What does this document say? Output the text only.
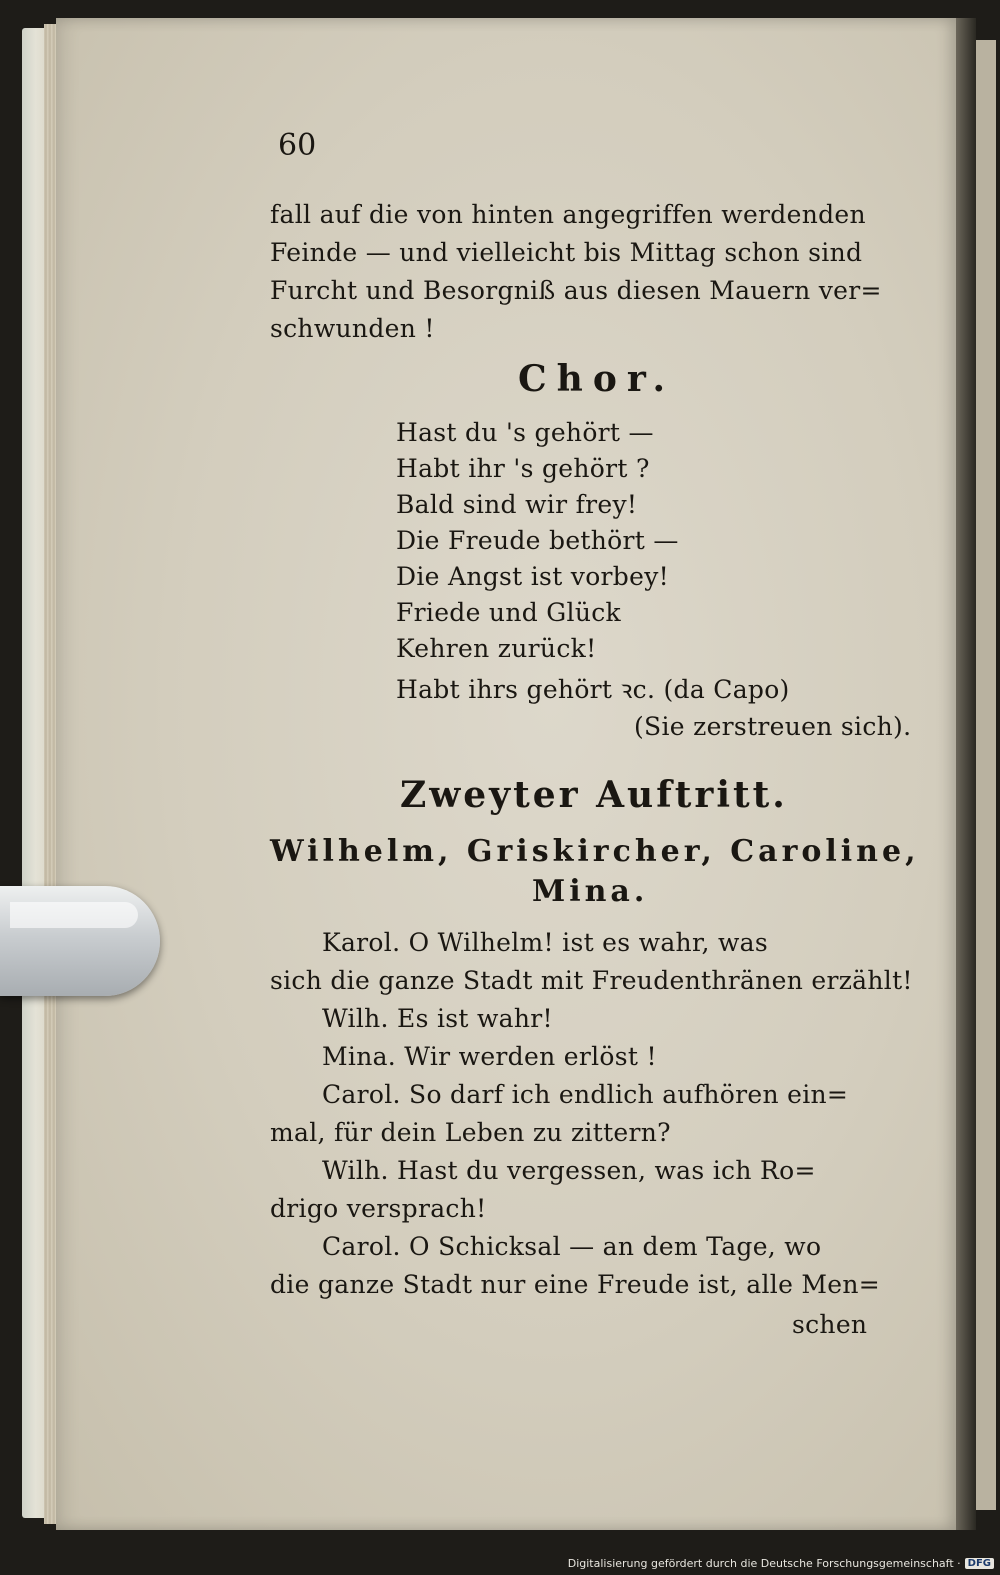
60
fall auf die von hinten angegriffen werdenden
Feinde — und vielleicht bis Mittag schon sind
Furcht und Besorgniß aus diesen Mauern ver=
schwunden !
Chor.
Hast du 's gehört —
Habt ihr 's gehört ?
Bald sind wir frey!
Die Freude bethört —
Die Angst ist vorbey!
Friede und Glück
Kehren zurück!
Habt ihrs gehört ꝛc. (da Capo)
(Sie zerstreuen sich).
Zweyter Auftritt.
Wilhelm, Griskircher, Caroline,
Mina.
Karol. O Wilhelm! ist es wahr, was
sich die ganze Stadt mit Freudenthränen erzählt!
Wilh. Es ist wahr!
Mina. Wir werden erlöst !
Carol. So darf ich endlich aufhören ein=
mal, für dein Leben zu zittern?
Wilh. Hast du vergessen, was ich Ro=
drigo versprach!
Carol. O Schicksal — an dem Tage, wo
die ganze Stadt nur eine Freude ist, alle Men=
schen
Digitalisierung gefördert durch die Deutsche Forschungsgemeinschaft · DFG
